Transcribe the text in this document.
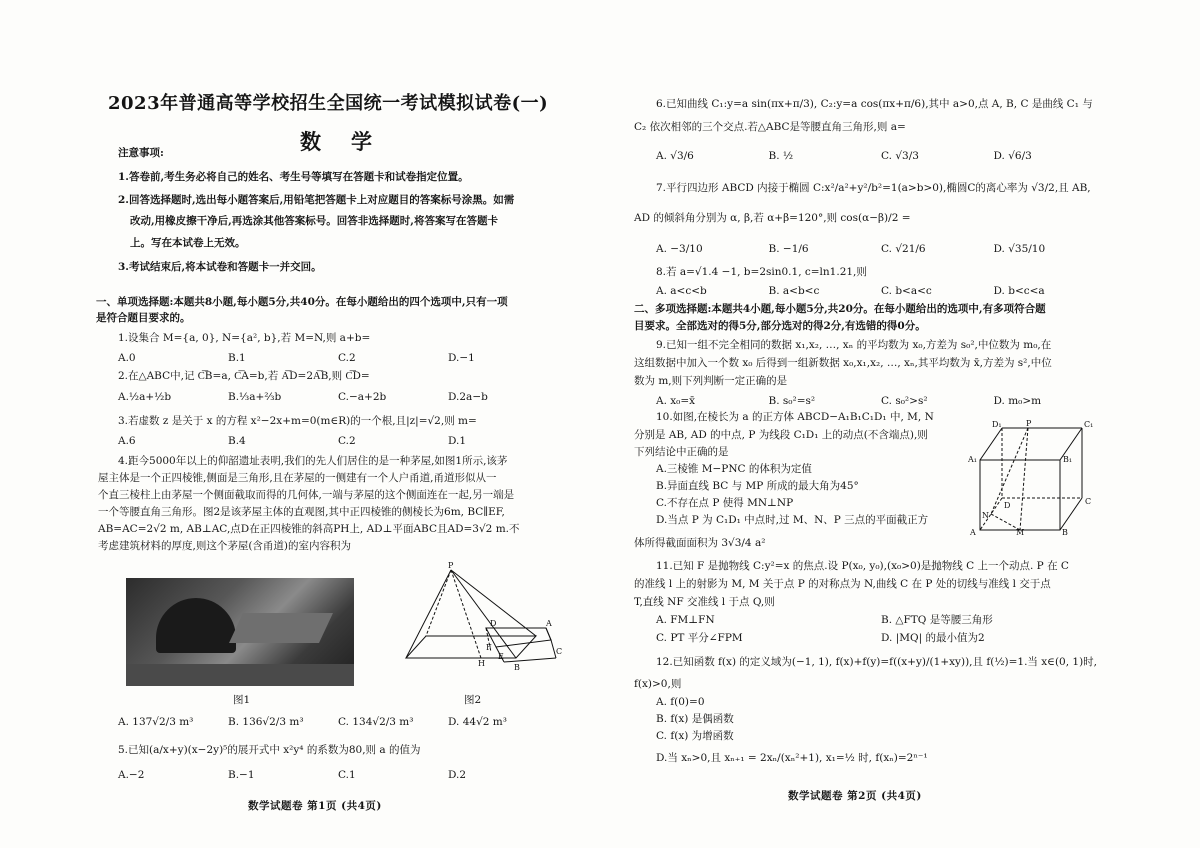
2023年普通高等学校招生全国统一考试模拟试卷(一)
数学
注意事项:
1.答卷前,考生务必将自己的姓名、考生号等填写在答题卡和试卷指定位置。
2.回答选择题时,选出每小题答案后,用铅笔把答题卡上对应题目的答案标号涂黑。如需
改动,用橡皮擦干净后,再选涂其他答案标号。回答非选择题时,将答案写在答题卡
上。写在本试卷上无效。
3.考试结束后,将本试卷和答题卡一并交回。
一、单项选择题:本题共8小题,每小题5分,共40分。在每小题给出的四个选项中,只有一项
是符合题目要求的。
1.设集合 M={a, 0}, N={a², b},若 M=N,则 a+b=
A.0	B.1	C.2	D.−1
2.在△ABC中,记 C͞B=a, C͞A=b,若 A͞D=2A͞B,则 C͞D=
A.½a+½b	B.⅓a+⅔b	C.−a+2b	D.2a−b
3.若虚数 z 是关于 x 的方程 x²−2x+m=0(m∈R)的一个根,且|z|=√2,则 m=
A.6	B.4	C.2	D.1
4.距今5000年以上的仰韶遗址表明,我们的先人们居住的是一种茅屋,如图1所示,该茅
屋主体是一个正四棱锥,侧面是三角形,且在茅屋的一侧建有一个人户甬道,甬道形似从一
个直三棱柱上由茅屋一个侧面截取而得的几何体,一端与茅屋的这个侧面连在一起,另一端是
一个等腰直角三角形。图2是该茅屋主体的直观图,其中正四棱锥的侧棱长为6m, BC∥EF,
AB=AC=2√2 m, AB⊥AC,点D在正四棱锥的斜高PH上, AD⊥平面ABC且AD=3√2 m.不
考虑建筑材料的厚度,则这个茅屋(含甬道)的室内容积为
图1
P
D	A
F
H
C
E
B
图2
A. 137√2/3 m³	B. 136√2/3 m³	C. 134√2/3 m³	D. 44√2 m³
5.已知(a/x+y)(x−2y)⁵的展开式中 x²y⁴ 的系数为80,则 a 的值为
A.−2	B.−1	C.1	D.2
数学试题卷 第1页 (共4页)
6.已知曲线 C₁:y=a sin(πx+π/3), C₂:y=a cos(πx+π/6),其中 a>0,点 A, B, C 是曲线 C₁ 与
C₂ 依次相邻的三个交点.若△ABC是等腰直角三角形,则 a=
A. √3/6	B. ½	C. √3/3	D. √6/3
7.平行四边形 ABCD 内接于椭圆 C:x²/a²+y²/b²=1(a>b>0),椭圆C的离心率为 √3/2,且 AB,
AD 的倾斜角分别为 α, β,若 α+β=120°,则 cos(α−β)/2 =
A. −3/10	B. −1/6	C. √21/6	D. √35/10
8.若 a=√1.4 −1, b=2sin0.1, c=ln1.21,则
A. a<c<b	B. a<b<c	C. b<a<c	D. b<c<a
二、多项选择题:本题共4小题,每小题5分,共20分。在每小题给出的选项中,有多项符合题
目要求。全部选对的得5分,部分选对的得2分,有选错的得0分。
9.已知一组不完全相同的数据 x₁,x₂, …, xₙ 的平均数为 x₀,方差为 s₀²,中位数为 m₀,在
这组数据中加入一个数 x₀ 后得到一组新数据 x₀,x₁,x₂, …, xₙ,其平均数为 x̄,方差为 s²,中位
数为 m,则下列判断一定正确的是
A. x₀=x̄	B. s₀²=s²	C. s₀²>s²	D. m₀>m
10.如图,在棱长为 a 的正方体 ABCD−A₁B₁C₁D₁ 中, M, N
分别是 AB, AD 的中点, P 为线段 C₁D₁ 上的动点(不含端点),则
下列结论中正确的是
A.三棱锥 M−PNC 的体积为定值
B.异面直线 BC 与 MP 所成的最大角为45°
C.不存在点 P 使得 MN⊥NP
D.当点 P 为 C₁D₁ 中点时,过 M、N、P 三点的平面截正方
体所得截面面积为 3√3/4 a²
D₁	P	C₁
A₁	B₁
N
D	C
A	M	B
11.已知 F 是抛物线 C:y²=x 的焦点.设 P(x₀, y₀),(x₀>0)是抛物线 C 上一个动点. P 在 C
的准线 l 上的射影为 M, M 关于点 P 的对称点为 N,曲线 C 在 P 处的切线与准线 l 交于点
T,直线 NF 交准线 l 于点 Q,则
A. FM⊥FN	B. △FTQ 是等腰三角形
C. PT 平分∠FPM	D. |MQ| 的最小值为2
12.已知函数 f(x) 的定义域为(−1, 1), f(x)+f(y)=f((x+y)/(1+xy)),且 f(½)=1.当 x∈(0, 1)时,
f(x)>0,则
A. f(0)=0
B. f(x) 是偶函数
C. f(x) 为增函数
D.当 xₙ>0,且 xₙ₊₁ = 2xₙ/(xₙ²+1), x₁=½ 时, f(xₙ)=2ⁿ⁻¹
数学试题卷 第2页 (共4页)
